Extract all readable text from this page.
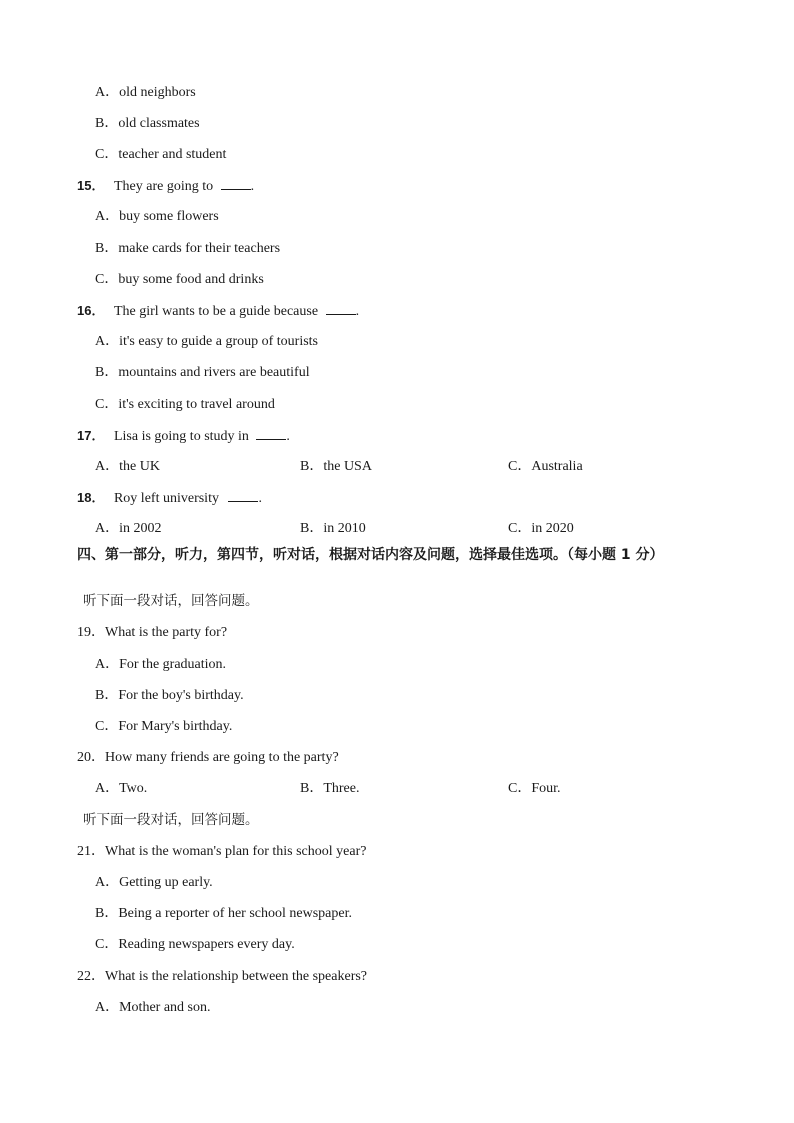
A．old neighbors
B．old classmates
C．teacher and student
15． They are going to	.
A．buy some flowers
B．make cards for their teachers
C．buy some food and drinks
16． The girl wants to be a guide because	.
A．it's easy to guide a group of tourists
B．mountains and rivers are beautiful
C．it's exciting to travel around
17． Lisa is going to study in	.
A．the UK	B．the USA	C．Australia
18． Roy left university	.
A．in 2002	B．in 2010	C．in 2020
四、第一部分，听力，第四节，听对话，根据对话内容及问题，选择最佳选项。（每小题 1 分）
听下面一段对话，回答问题。
19．What is the party for?
A．For the graduation.
B．For the boy's birthday.
C．For Mary's birthday.
20．How many friends are going to the party?
A．Two.	B．Three.	C．Four.
听下面一段对话，回答问题。
21．What is the woman's plan for this school year?
A．Getting up early.
B．Being a reporter of her school newspaper.
C．Reading newspapers every day.
22．What is the relationship between the speakers?
A．Mother and son.
